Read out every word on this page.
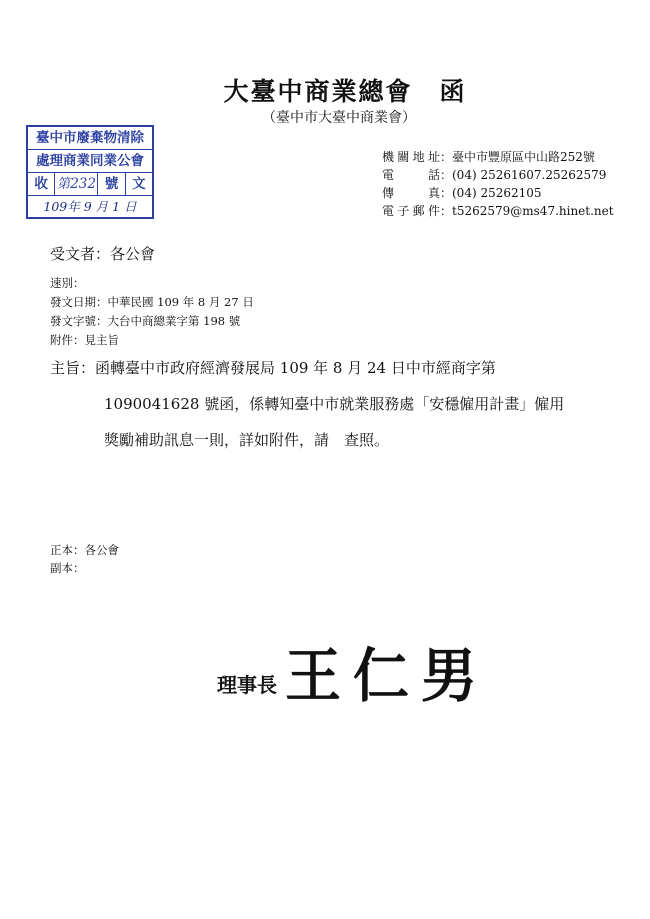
大臺中商業總會　函
（臺中市大臺中商業會）
臺中市廢棄物清除
處理商業同業公會
收 第232 號	文
109年 9 月 1 日
機關地址：臺中市豐原區中山路252號
電　話：(04) 25261607.25262579
傳　真：(04) 25262105
電子郵件：t5262579@ms47.hinet.net
受文者：各公會
速別：
發文日期：中華民國 109 年 8 月 27 日
發文字號：大台中商總業字第 198 號
附件：見主旨
主旨：函轉臺中市政府經濟發展局 109 年 8 月 24 日中市經商字第
1090041628 號函，係轉知臺中市就業服務處「安穩僱用計畫」僱用
獎勵補助訊息一則，詳如附件，請　查照。
正本：各公會
副本：
理事長 王仁男
